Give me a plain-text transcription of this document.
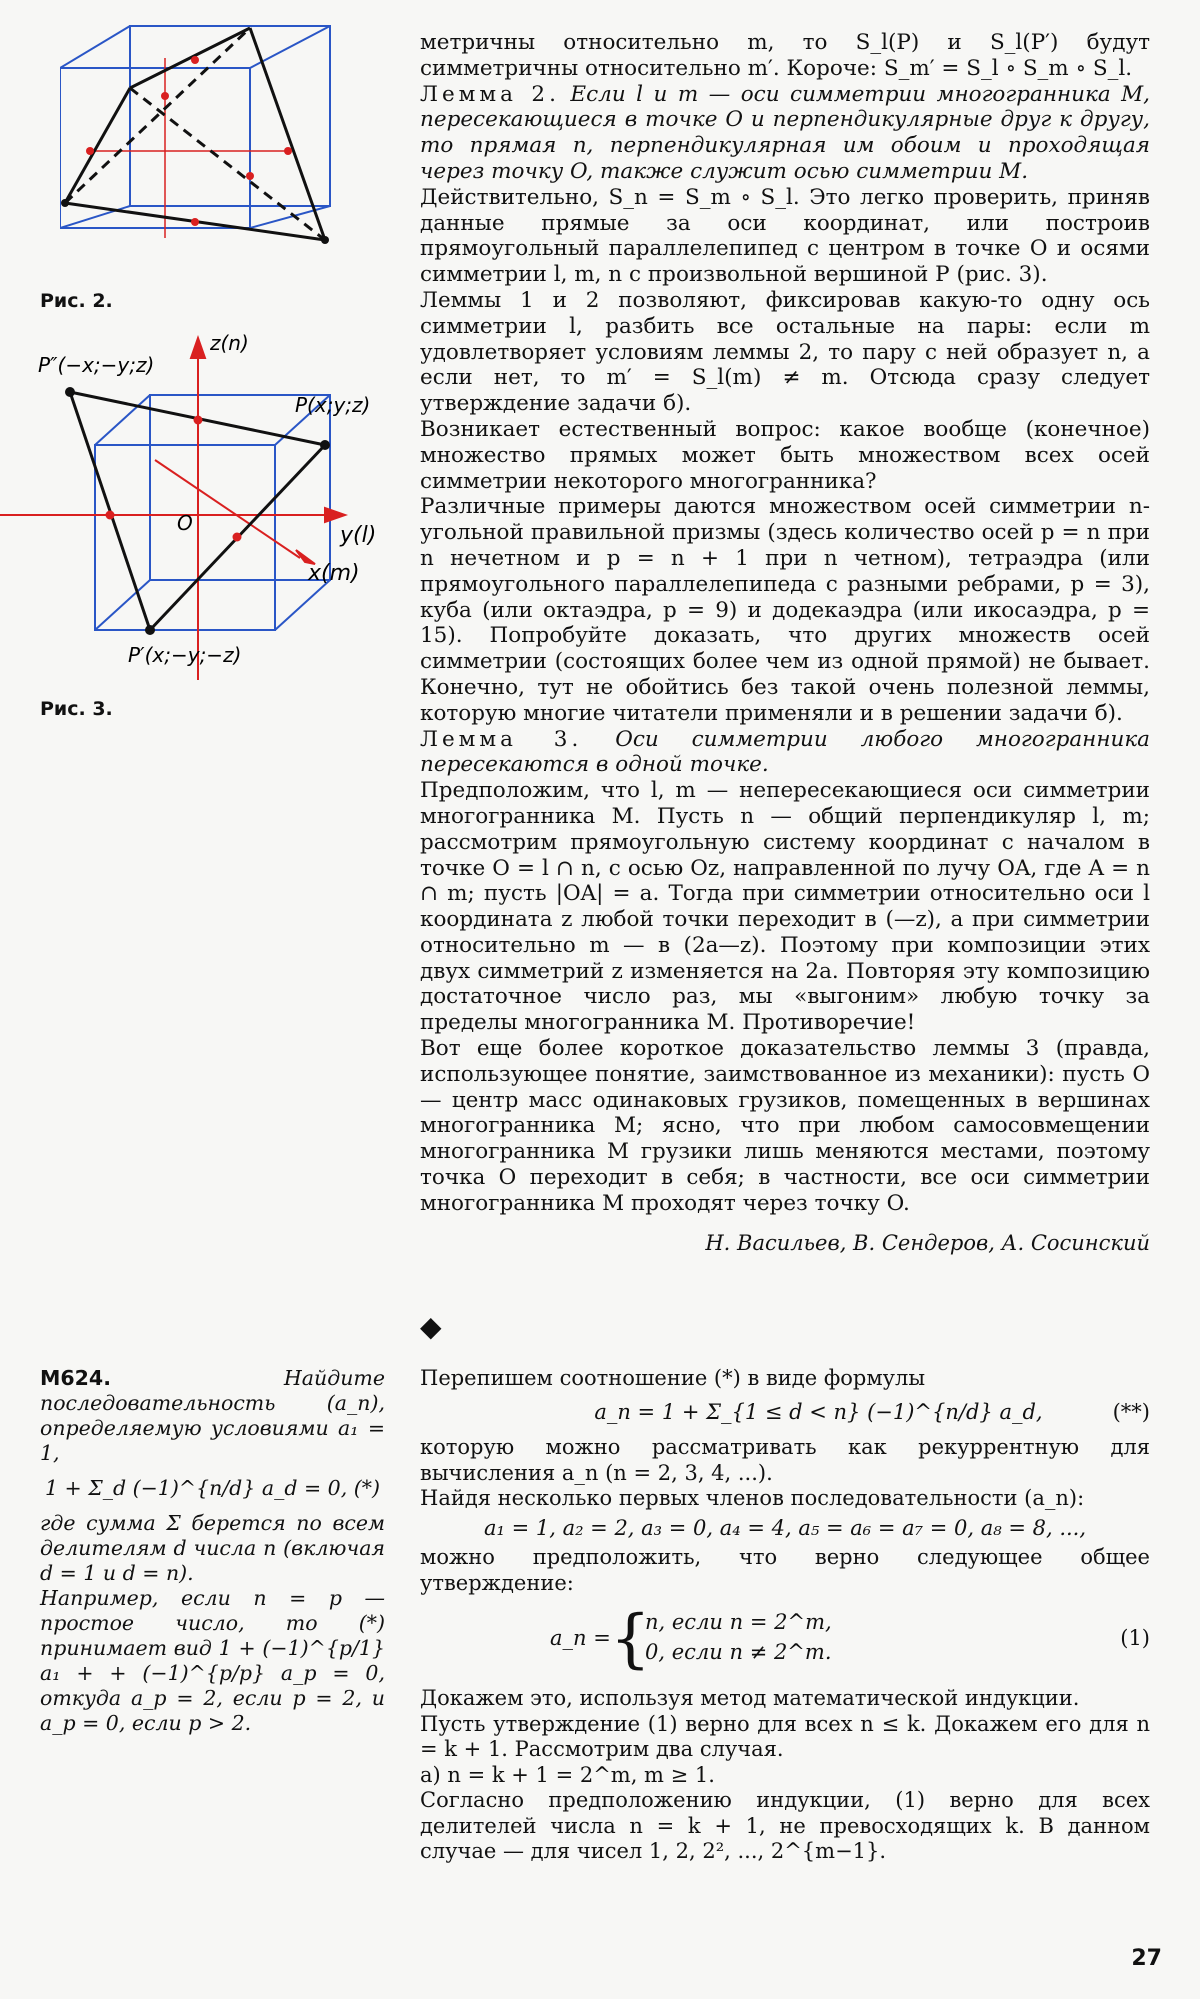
Рис. 2.
z(n)
y(l)
x(m)
O
P(x;y;z)
P″(−x;−y;z)
P′(x;−y;−z)
Рис. 3.

метричны относительно m, то S_l(P) и S_l(P′) будут симметричны относительно m′. Короче: S_m′ = S_l ∘ S_m ∘ S_l.

Лемма 2. Если l и m — оси симметрии многогранника M, пересекающиеся в точке O и перпендикулярные друг к другу, то прямая n, перпендикулярная им обоим и проходящая через точку O, также служит осью симметрии M.

Действительно, S_n = S_m ∘ S_l. Это легко проверить, приняв данные прямые за оси координат, или построив прямоугольный параллелепипед с центром в точке O и осями симметрии l, m, n с произвольной вершиной P (рис. 3).

Леммы 1 и 2 позволяют, фиксировав какую-то одну ось симметрии l, разбить все остальные на пары: если m удовлетворяет условиям леммы 2, то пару с ней образует n, а если нет, то m′ = S_l(m) ≠ m. Отсюда сразу следует утверждение задачи б).

Возникает естественный вопрос: какое вообще (конечное) множество прямых может быть множеством всех осей симметрии некоторого многогранника?

Различные примеры даются множеством осей симметрии n-угольной правильной призмы (здесь количество осей p = n при n нечетном и p = n + 1 при n четном), тетраэдра (или прямоугольного параллелепипеда с разными ребрами, p = 3), куба (или октаэдра, p = 9) и додекаэдра (или икосаэдра, p = 15). Попробуйте доказать, что других множеств осей симметрии (состоящих более чем из одной прямой) не бывает. Конечно, тут не обойтись без такой очень полезной леммы, которую многие читатели применяли и в решении задачи б).

Лемма 3. Оси симметрии любого многогранника пересекаются в одной точке.

Предположим, что l, m — непересекающиеся оси симметрии многогранника M. Пусть n — общий перпендикуляр l, m; рассмотрим прямоугольную систему координат с началом в точке O = l ∩ n, с осью Oz, направленной по лучу OA, где A = n ∩ m; пусть |OA| = a. Тогда при симметрии относительно оси l координата z любой точки переходит в (—z), а при симметрии относительно m — в (2a—z). Поэтому при композиции этих двух симметрий z изменяется на 2a. Повторяя эту композицию достаточное число раз, мы «выгоним» любую точку за пределы многогранника M. Противоречие!

Вот еще более короткое доказательство леммы 3 (правда, использующее понятие, заимствованное из механики): пусть O — центр масс одинаковых грузиков, помещенных в вершинах многогранника M; ясно, что при любом самосовмещении многогранника M грузики лишь меняются местами, поэтому точка O переходит в себя; в частности, все оси симметрии многогранника M проходят через точку O.

Н. Васильев, В. Сендеров, А. Сосинский
◆

М624.	Найдите последовательность (a_n), определяемую условиями a₁ = 1,

1 + Σ_d (−1)^{n/d} a_d = 0, (*)

где сумма Σ берется по всем делителям d числа n (включая d = 1 и d = n).

Например, если n = p — простое число, то (*) принимает вид 1 + (−1)^{p/1} a₁ + + (−1)^{p/p} a_p = 0, откуда a_p = 2, если p = 2, и a_p = 0, если p > 2.

Перепишем соотношение (*) в виде формулы

a_n = 1 + Σ_{1 ≤ d < n} (−1)^{n/d} a_d,	(**)

которую можно рассматривать как рекуррентную для вычисления a_n (n = 2, 3, 4, ...).

Найдя несколько первых членов последовательности (a_n):

a₁ = 1, a₂ = 2, a₃ = 0, a₄ = 4, a₅ = a₆ = a₇ = 0, a₈ = 8, ...,

можно предположить, что верно следующее общее утверждение:

a_n = {
n, если n = 2^m,
0, если n ≠ 2^m.
(1)

Докажем это, используя метод математической индукции.

Пусть утверждение (1) верно для всех n ≤ k. Докажем его для n = k + 1. Рассмотрим два случая.

а) n = k + 1 = 2^m, m ≥ 1.

Согласно предположению индукции, (1) верно для всех делителей числа n = k + 1, не превосходящих k. В данном случае — для чисел 1, 2, 2², ..., 2^{m−1}.

27
